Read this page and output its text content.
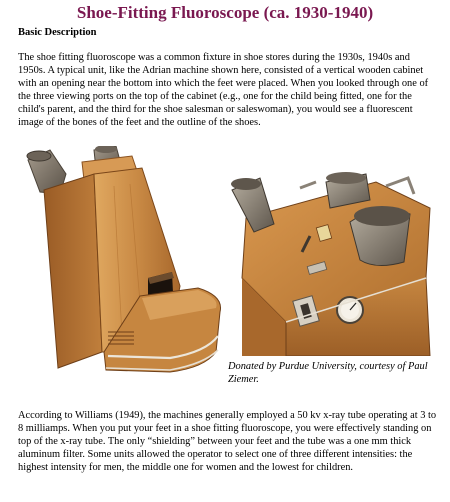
Shoe-Fitting Fluoroscope (ca. 1930-1940)
Basic Description
The shoe fitting fluoroscope was a common fixture in shoe stores during the 1930s, 1940s and 1950s. A typical unit, like the Adrian machine shown here, consisted of a vertical wooden cabinet with an opening near the bottom into which the feet were placed. When you looked through one of the three viewing ports on the top of the cabinet (e.g., one for the child being fitted, one for the child's parent, and the third for the shoe salesman or saleswoman), you would see a fluorescent image of the bones of the feet and the outline of the shoes.
Donated by Purdue University, courtesy of Paul Ziemer.
According to Williams (1949), the machines generally employed a 50 kv x-ray tube operating at 3 to 8 milliamps. When you put your feet in a shoe fitting fluoroscope, you were effectively standing on top of the x-ray tube. The only “shielding” between your feet and the tube was a one mm thick aluminum filter. Some units allowed the operator to select one of three different intensities: the highest intensity for men, the middle one for women and the lowest for children.
